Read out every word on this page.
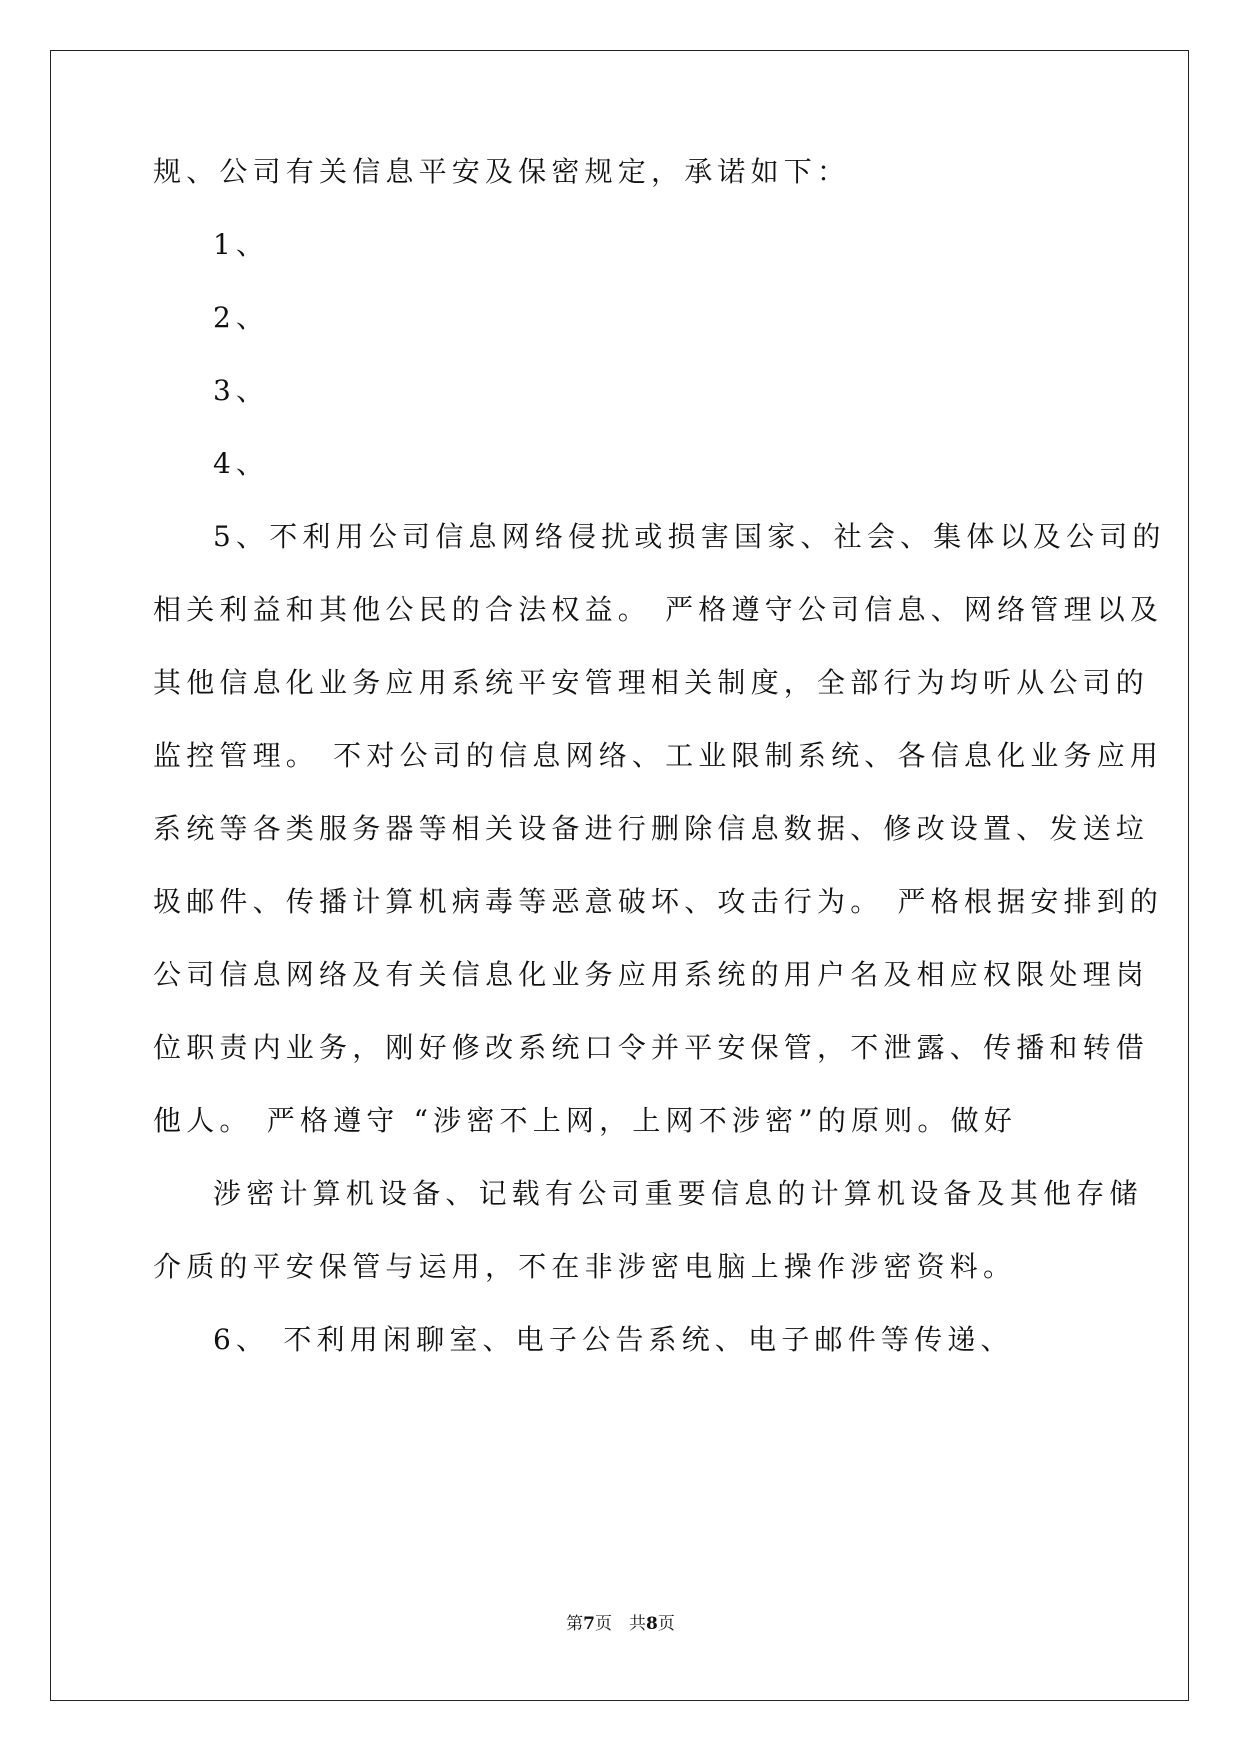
规、公司有关信息平安及保密规定，承诺如下：
1、
2、
3、
4、
5、不利用公司信息网络侵扰或损害国家、社会、集体以及公司的
相关利益和其他公民的合法权益。 严格遵守公司信息、网络管理以及
其他信息化业务应用系统平安管理相关制度，全部行为均听从公司的
监控管理。 不对公司的信息网络、工业限制系统、各信息化业务应用
系统等各类服务器等相关设备进行删除信息数据、修改设置、发送垃
圾邮件、传播计算机病毒等恶意破坏、攻击行为。 严格根据安排到的
公司信息网络及有关信息化业务应用系统的用户名及相应权限处理岗
位职责内业务，刚好修改系统口令并平安保管，不泄露、传播和转借
他人。 严格遵守 “涉密不上网，上网不涉密”的原则。做好
涉密计算机设备、记载有公司重要信息的计算机设备及其他存储
介质的平安保管与运用，不在非涉密电脑上操作涉密资料。
6、 不利用闲聊室、电子公告系统、电子邮件等传递、
第7页　共8页
